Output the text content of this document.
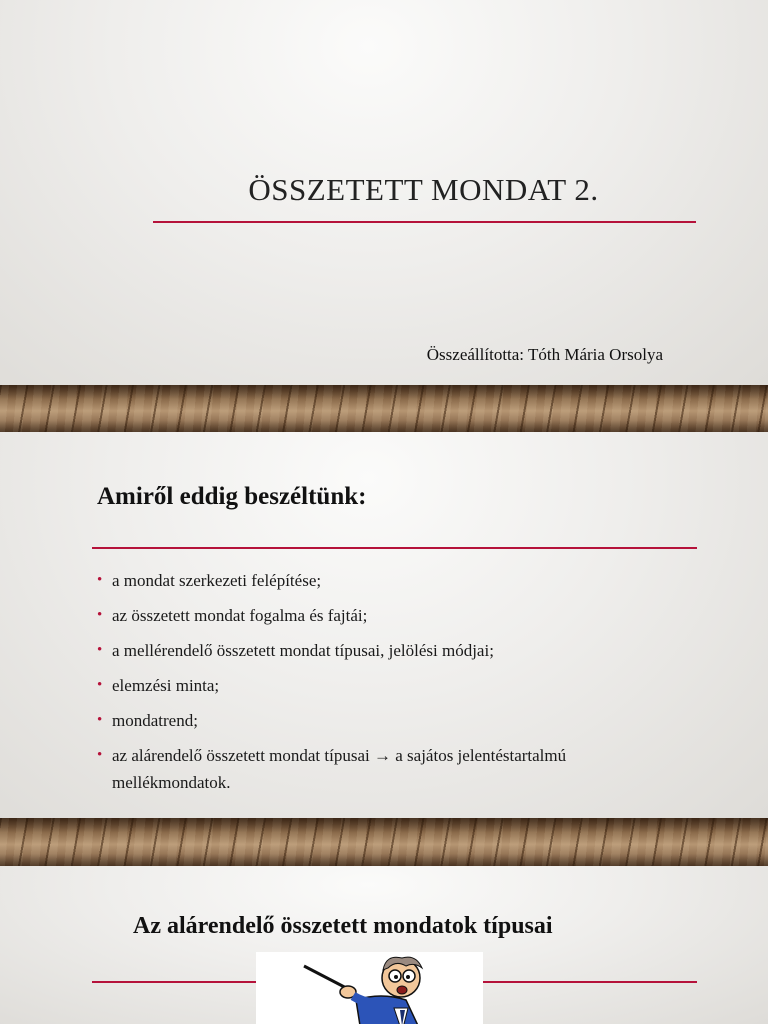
ÖSSZETETT MONDAT 2.
Összeállította: Tóth Mária Orsolya
Amiről eddig beszéltünk:
• a mondat szerkezeti felépítése;
• az összetett mondat fogalma és fajtái;
• a mellérendelő összetett mondat típusai, jelölési módjai;
• elemzési minta;
• mondatrend;
• az alárendelő összetett mondat típusai → a sajátos jelentéstartalmú mellékmondatok.
Az alárendelő összetett mondatok típusai
